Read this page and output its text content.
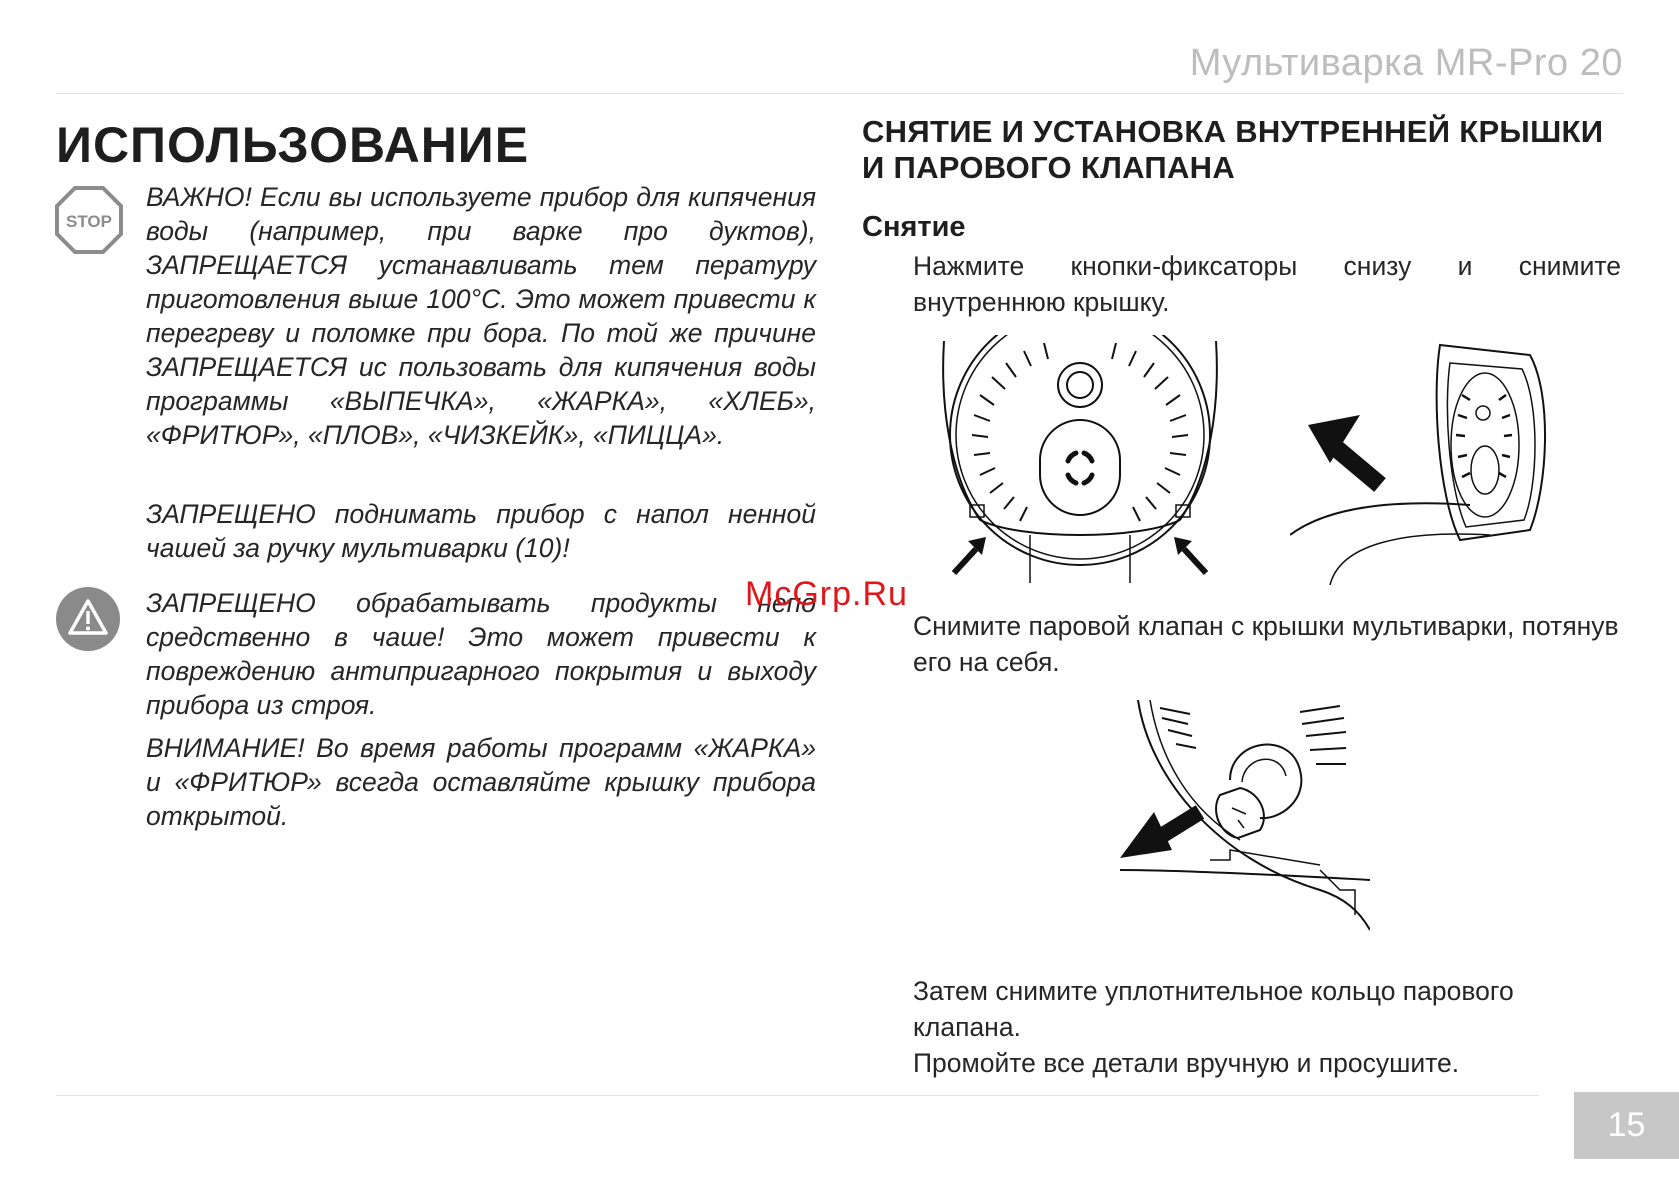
Мультиварка MR-Pro 20
ИСПОЛЬЗОВАНИЕ
STOP

ВАЖНО! Если вы используете прибор для кипячения воды (например, при варке про дуктов), ЗАПРЕЩАЕТСЯ устанавливать тем пературу приготовления выше 100°С. Это может привести к перегреву и поломке при бора. По той же причине ЗАПРЕЩАЕТСЯ ис пользовать для кипячения воды программы «ВЫПЕЧКА», «ЖАРКА», «ХЛЕБ», «ФРИТЮР», «ПЛОВ», «ЧИЗКЕЙК», «ПИЦЦА».

ЗАПРЕЩЕНО поднимать прибор с напол ненной чашей за ручку мультиварки (10)!

ЗАПРЕЩЕНО обрабатывать продукты непо средственно в чаше! Это может привести к повреждению антипригарного покрытия и выходу прибора из строя.

ВНИМАНИЕ! Во время работы программ «ЖАРКА» и «ФРИТЮР» всегда оставляйте крышку прибора открытой.

СНЯТИЕ И УСТАНОВКА ВНУТРЕННЕЙ КРЫШКИ И ПАРОВОГО КЛАПАНА
Снятие

Нажмите кнопки-фиксаторы снизу и снимите внутреннюю крышку.

Снимите паровой клапан с крышки мультиварки, потянув его на себя.

Затем снимите уплотнительное кольцо парового клапана.

Промойте все детали вручную и просушите.

McGrp.Ru
15
